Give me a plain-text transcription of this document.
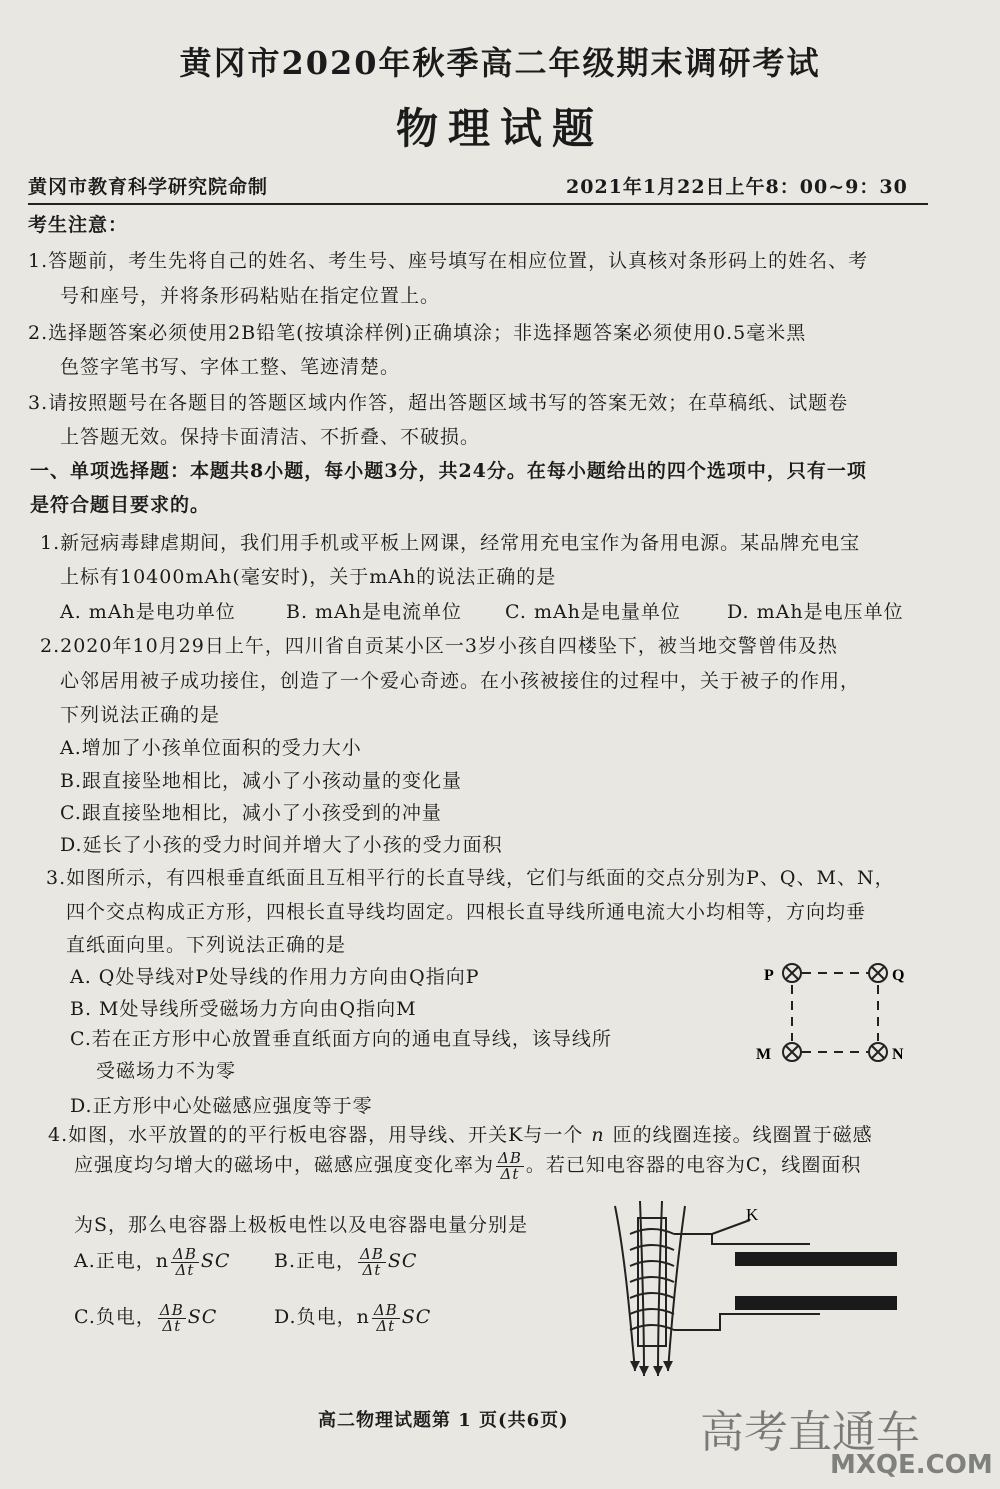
黄冈市2020年秋季高二年级期末调研考试
物理试题
黄冈市教育科学研究院命制	2021年1月22日上午8：00~9：30
考生注意：
1.答题前，考生先将自己的姓名、考生号、座号填写在相应位置，认真核对条形码上的姓名、考
号和座号，并将条形码粘贴在指定位置上。
2.选择题答案必须使用2B铅笔(按填涂样例)正确填涂；非选择题答案必须使用0.5毫米黑
色签字笔书写、字体工整、笔迹清楚。
3.请按照题号在各题目的答题区域内作答，超出答题区域书写的答案无效；在草稿纸、试题卷
上答题无效。保持卡面清洁、不折叠、不破损。
一、单项选择题：本题共8小题，每小题3分，共24分。在每小题给出的四个选项中，只有一项
是符合题目要求的。
1.新冠病毒肆虐期间，我们用手机或平板上网课，经常用充电宝作为备用电源。某品牌充电宝
上标有10400mAh(毫安时)，关于mAh的说法正确的是
A. mAh是电功单位	B. mAh是电流单位 C. mAh是电量单位 D. mAh是电压单位
2.2020年10月29日上午，四川省自贡某小区一3岁小孩自四楼坠下，被当地交警曾伟及热
心邻居用被子成功接住，创造了一个爱心奇迹。在小孩被接住的过程中，关于被子的作用，
下列说法正确的是
A.增加了小孩单位面积的受力大小
B.跟直接坠地相比，减小了小孩动量的变化量
C.跟直接坠地相比，减小了小孩受到的冲量
D.延长了小孩的受力时间并增大了小孩的受力面积
3.如图所示，有四根垂直纸面且互相平行的长直导线，它们与纸面的交点分别为P、Q、M、N，
四个交点构成正方形，四根长直导线均固定。四根长直导线所通电流大小均相等，方向均垂
直纸面向里。下列说法正确的是
A. Q处导线对P处导线的作用力方向由Q指向P
B. M处导线所受磁场力方向由Q指向M
C.若在正方形中心放置垂直纸面方向的通电直导线，该导线所
受磁场力不为零
D.正方形中心处磁感应强度等于零
P	Q
M	N
4.如图，水平放置的的平行板电容器，用导线、开关K与一个 n 匝的线圈连接。线圈置于磁感
应强度均匀增大的磁场中，磁感应强度变化率为 $\frac{\Delta B}{\Delta t}$ 。若已知电容器的电容为C，线圈面积
为S，那么电容器上极板电性以及电容器电量分别是
A.正电，n $\frac{\Delta B}{\Delta t}$ SC B.正电， $\frac{\Delta B}{\Delta t}$ SC
C.负电， $\frac{\Delta B}{\Delta t}$ SC	D.负电，n $\frac{\Delta B}{\Delta t}$ SC
K
高二物理试题第 1 页(共6页)	高考直通车
MXQE.COM
